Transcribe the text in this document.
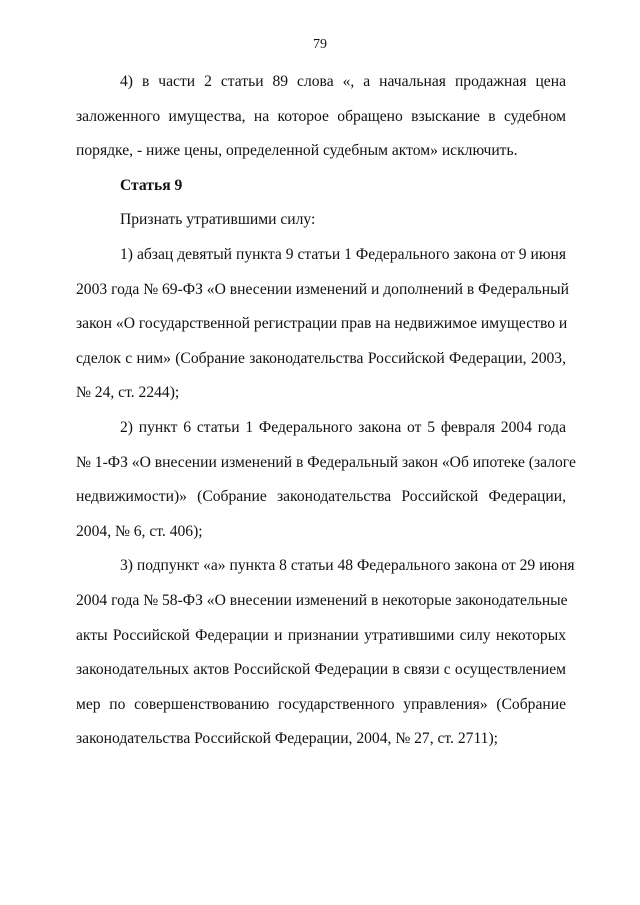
79
4) в части 2 статьи 89 слова «, а начальная продажная цена
заложенного имущества, на которое обращено взыскание в судебном
порядке, - ниже цены, определенной судебным актом» исключить.
Статья 9
Признать утратившими силу:
1) абзац девятый пункта 9 статьи 1 Федерального закона от 9 июня
2003 года № 69-ФЗ «О внесении изменений и дополнений в Федеральный
закон «О государственной регистрации прав на недвижимое имущество и
сделок с ним» (Собрание законодательства Российской Федерации, 2003,
№ 24, ст. 2244);
2) пункт 6 статьи 1 Федерального закона от 5 февраля 2004 года
№ 1-ФЗ «О внесении изменений в Федеральный закон «Об ипотеке (залоге
недвижимости)» (Собрание законодательства Российской Федерации,
2004, № 6, ст. 406);
3) подпункт «а» пункта 8 статьи 48 Федерального закона от 29 июня
2004 года № 58-ФЗ «О внесении изменений в некоторые законодательные
акты Российской Федерации и признании утратившими силу некоторых
законодательных актов Российской Федерации в связи с осуществлением
мер по совершенствованию государственного управления» (Собрание
законодательства Российской Федерации, 2004, № 27, ст. 2711);
